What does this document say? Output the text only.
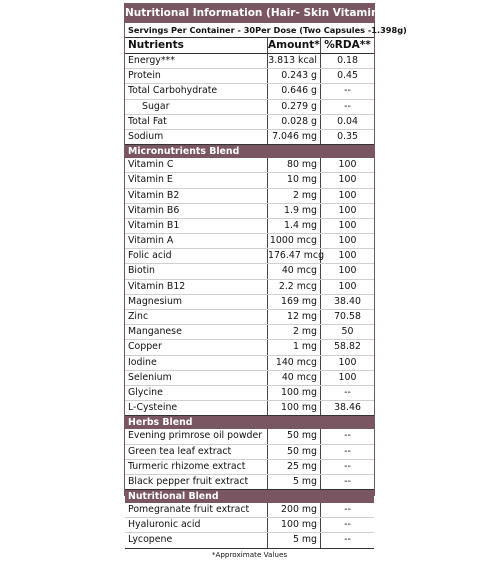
Nutritional Information (Hair- Skin Vitamins)
Servings Per Container - 30 Per Dose (Two Capsules -1.398g)
Nutrients	Amount* %RDA**
Energy***	3.813 kcal	0.18
Protein	0.243 g	0.45
Total Carbohydrate	0.646 g	--
Sugar	0.279 g	--
Total Fat	0.028 g	0.04
Sodium	7.046 mg	0.35
Micronutrients Blend
Vitamin C	80 mg	100
Vitamin E	10 mg	100
Vitamin B2	2 mg	100
Vitamin B6	1.9 mg	100
Vitamin B1	1.4 mg	100
Vitamin A	1000 mcg	100
Folic acid	176.47 mcg	100
Biotin	40 mcg	100
Vitamin B12	2.2 mcg	100
Magnesium	169 mg	38.40
Zinc	12 mg	70.58
Manganese	2 mg	50
Copper	1 mg	58.82
Iodine	140 mcg	100
Selenium	40 mcg	100
Glycine	100 mg	--
L-Cysteine	100 mg	38.46
Herbs Blend
Evening primrose oil powder	50 mg	--
Green tea leaf extract	50 mg	--
Turmeric rhizome extract	25 mg	--
Black pepper fruit extract	5 mg	--
Nutritional Blend
Pomegranate fruit extract	200 mg	--
Hyaluronic acid	100 mg	--
Lycopene	5 mg	--
*Approximate Values
